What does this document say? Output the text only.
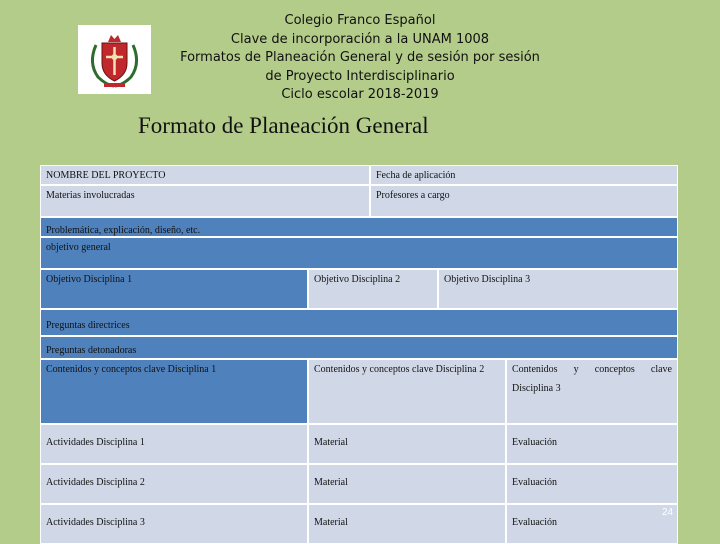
Colegio Franco Español
Clave de incorporación a la UNAM 1008
Formatos de Planeación General y de sesión por sesión
de Proyecto Interdisciplinario
Ciclo escolar 2018-2019
Formato de Planeación General
NOMBRE DEL PROYECTO	Fecha de aplicación
Materias involucradas	Profesores a cargo
Problemática, explicación, diseño, etc.
objetivo general
Objetivo Disciplina 1	Objetivo Disciplina 2	Objetivo Disciplina 3
Preguntas directrices
Preguntas detonadoras
Contenidos y conceptos clave Disciplina 1	Contenidos y conceptos clave Disciplina 2	Contenidos y conceptos clave
Disciplina 3
Actividades Disciplina 1	Material	Evaluación
Actividades Disciplina 2	Material	Evaluación
Actividades Disciplina 3	Material	Evaluación
24
